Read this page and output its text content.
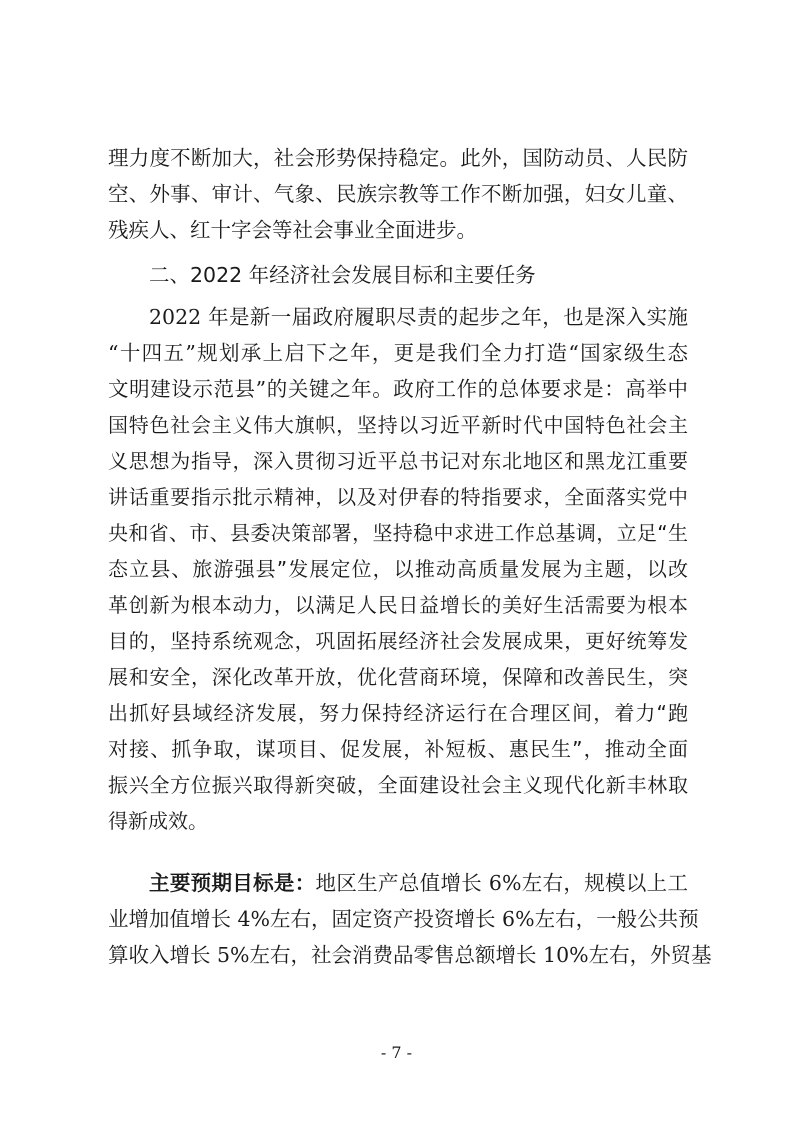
理力度不断加大，社会形势保持稳定。此外，国防动员、人民防
空、外事、审计、气象、民族宗教等工作不断加强，妇女儿童、
残疾人、红十字会等社会事业全面进步。
二、2022 年经济社会发展目标和主要任务
2022 年是新一届政府履职尽责的起步之年，也是深入实施
“十四五”规划承上启下之年，更是我们全力打造“国家级生态
文明建设示范县”的关键之年。政府工作的总体要求是：高举中
国特色社会主义伟大旗帜，坚持以习近平新时代中国特色社会主
义思想为指导，深入贯彻习近平总书记对东北地区和黑龙江重要
讲话重要指示批示精神，以及对伊春的特指要求，全面落实党中
央和省、市、县委决策部署，坚持稳中求进工作总基调，立足“生
态立县、旅游强县”发展定位，以推动高质量发展为主题，以改
革创新为根本动力，以满足人民日益增长的美好生活需要为根本
目的，坚持系统观念，巩固拓展经济社会发展成果，更好统筹发
展和安全，深化改革开放，优化营商环境，保障和改善民生，突
出抓好县域经济发展，努力保持经济运行在合理区间，着力“跑
对接、抓争取，谋项目、促发展，补短板、惠民生”，推动全面
振兴全方位振兴取得新突破，全面建设社会主义现代化新丰林取
得新成效。
主要预期目标是：地区生产总值增长 6%左右，规模以上工
业增加值增长 4%左右，固定资产投资增长 6%左右，一般公共预
算收入增长 5%左右，社会消费品零售总额增长 10%左右，外贸基
- 7 -
